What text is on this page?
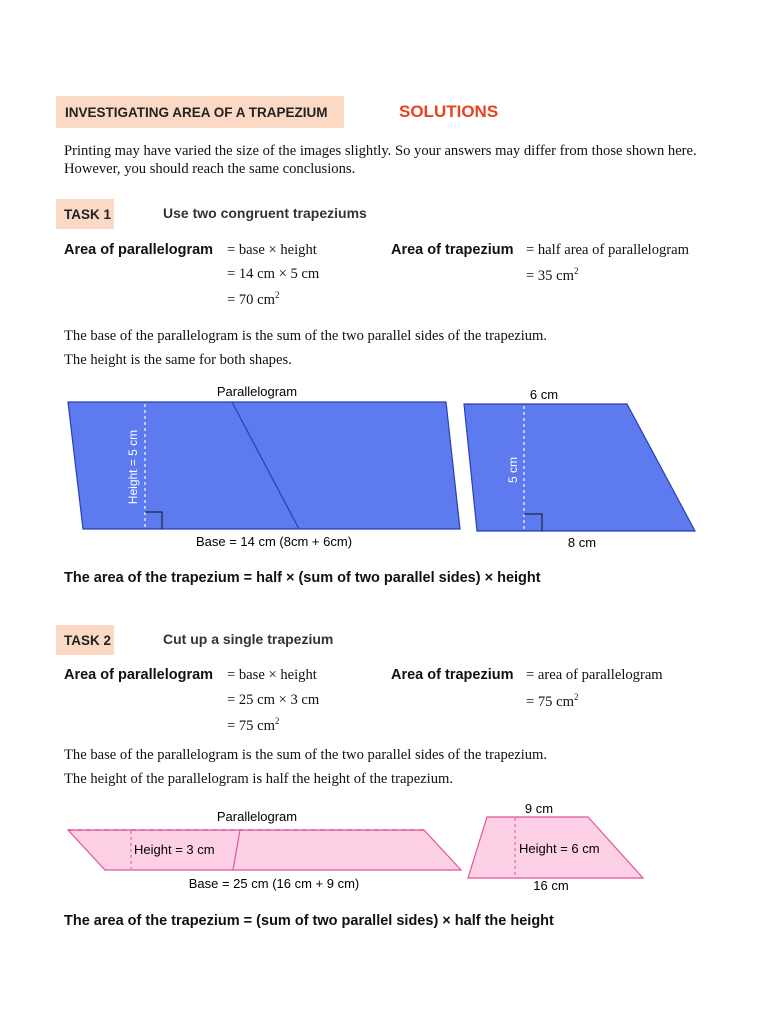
INVESTIGATING AREA OF A TRAPEZIUM	SOLUTIONS
Printing may have varied the size of the images slightly. So your answers may differ from those shown here. However, you should reach the same conclusions.
TASK 1	Use two congruent trapeziums
Area of parallelogram = base × height
= 14 cm × 5 cm
= 70 $cm^2$
Area of trapezium = half area of parallelogram
= 35 $cm^2$
The base of the parallelogram is the sum of the two parallel sides of the trapezium.
The height is the same for both shapes.
Parallelogram
Height = 5 cm
Base = 14 cm (8cm + 6cm)
6 cm
5 cm
8 cm
The area of the trapezium = half × (sum of two parallel sides) × height
TASK 2	Cut up a single trapezium
Area of parallelogram = base × height
= 25 cm × 3 cm
= 75 $cm^2$
Area of trapezium = area of parallelogram
= 75 $cm^2$
The base of the parallelogram is the sum of the two parallel sides of the trapezium.
The height of the parallelogram is half the height of the trapezium.
Parallelogram
Height = 3 cm
Base = 25 cm (16 cm + 9 cm)
9 cm
Height = 6 cm
16 cm
The area of the trapezium = (sum of two parallel sides) × half the height
